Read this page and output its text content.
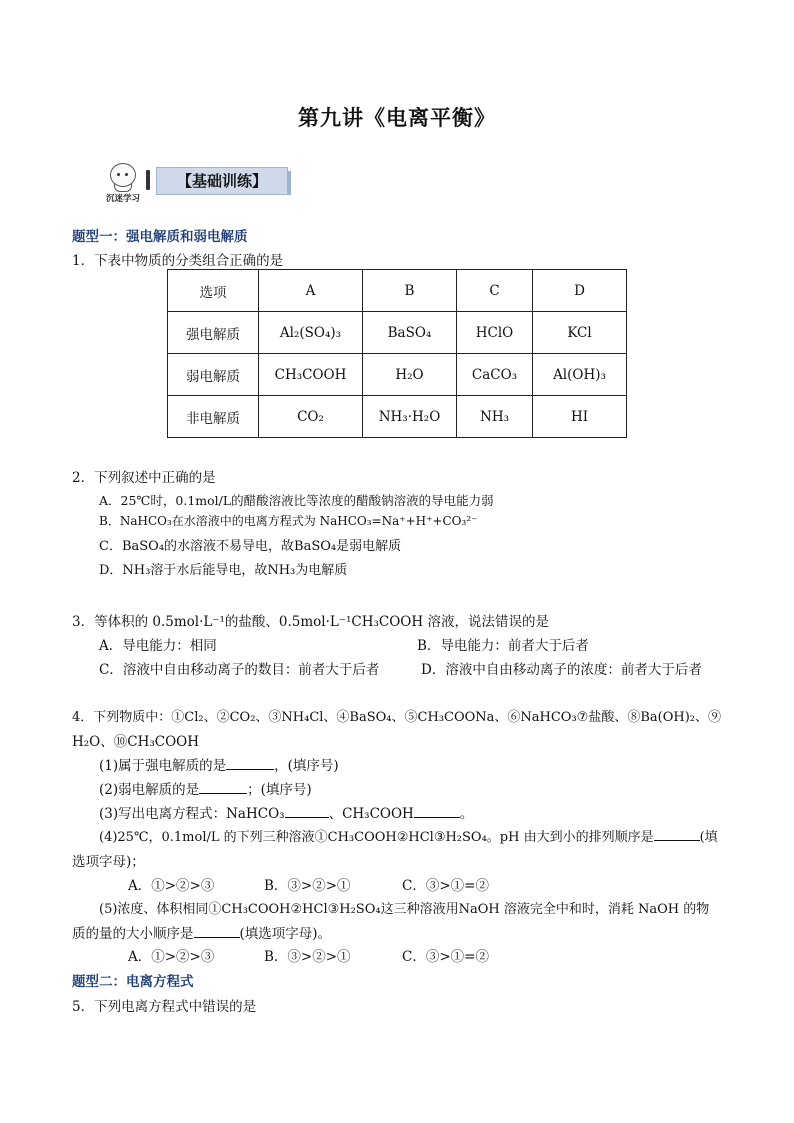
第九讲《电离平衡》
沉迷学习
【基础训练】
题型一：强电解质和弱电解质
1．下表中物质的分类组合正确的是
选项	A	B	C	D
强电解质	Al₂(SO₄)₃	BaSO₄	HClO	KCl
弱电解质	CH₃COOH	H₂O	CaCO₃	Al(OH)₃
非电解质	CO₂	NH₃·H₂O	NH₃	HI
2．下列叙述中正确的是
A．25℃时，0.1mol/L的醋酸溶液比等浓度的醋酸钠溶液的导电能力弱
B．NaHCO₃在水溶液中的电离方程式为 NaHCO₃=Na⁺+H⁺+CO₃²⁻
C．BaSO₄的水溶液不易导电，故BaSO₄是弱电解质
D．NH₃溶于水后能导电，故NH₃为电解质
3．等体积的 0.5mol·L⁻¹的盐酸、0.5mol·L⁻¹CH₃COOH 溶液，说法错误的是
A．导电能力：相同	B．导电能力：前者大于后者
C．溶液中自由移动离子的数目：前者大于后者	D．溶液中自由移动离子的浓度：前者大于后者
4．下列物质中：①Cl₂、②CO₂、③NH₄Cl、④BaSO₄、⑤CH₃COONa、⑥NaHCO₃⑦盐酸、⑧Ba(OH)₂、⑨
H₂O、⑩CH₃COOH
(1)属于强电解质的是	，(填序号)
(2)弱电解质的是	；(填序号)
(3)写出电离方程式：NaHCO₃	、CH₃COOH	。
(4)25℃，0.1mol/L 的下列三种溶液①CH₃COOH②HCl③H₂SO₄。pH 由大到小的排列顺序是	(填
选项字母)；
A．①>②>③	B．③>②>①	C．③>①=②
(5)浓度、体积相同①CH₃COOH②HCl③H₂SO₄这三种溶液用NaOH 溶液完全中和时，消耗 NaOH 的物
质的量的大小顺序是	(填选项字母)。
A．①>②>③	B．③>②>①	C．③>①=②
题型二：电离方程式
5．下列电离方程式中错误的是
